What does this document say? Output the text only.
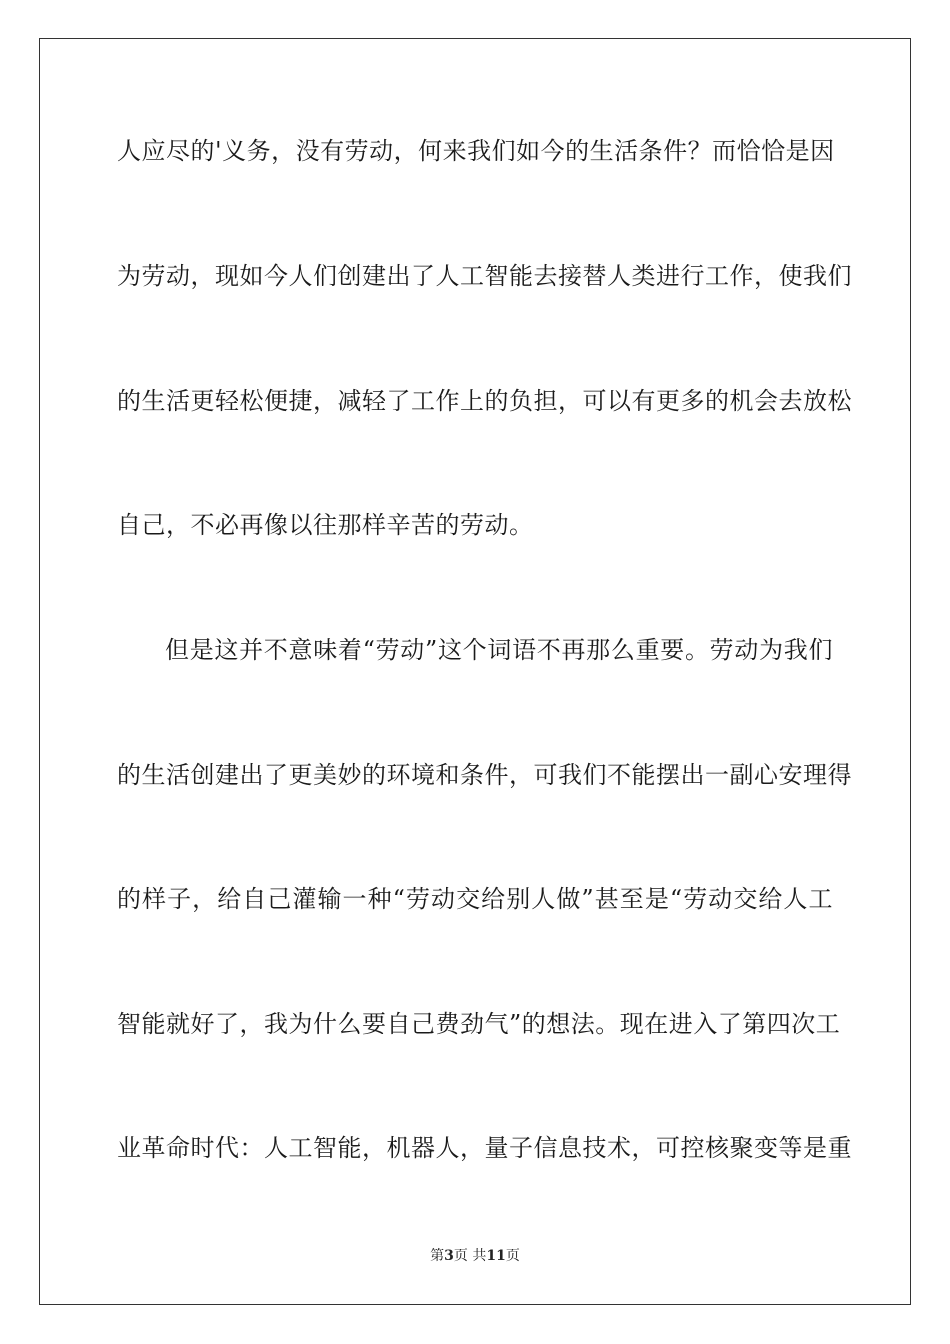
人应尽的'义务，没有劳动，何来我们如今的生活条件？而恰恰是因
为劳动，现如今人们创建出了人工智能去接替人类进行工作，使我们
的生活更轻松便捷，减轻了工作上的负担，可以有更多的机会去放松
自己，不必再像以往那样辛苦的劳动。
但是这并不意味着“劳动”这个词语不再那么重要。劳动为我们
的生活创建出了更美妙的环境和条件，可我们不能摆出一副心安理得
的样子，给自己灌输一种“劳动交给别人做”甚至是“劳动交给人工
智能就好了，我为什么要自己费劲气”的想法。现在进入了第四次工
业革命时代：人工智能，机器人，量子信息技术，可控核聚变等是重
第3页 共11页
